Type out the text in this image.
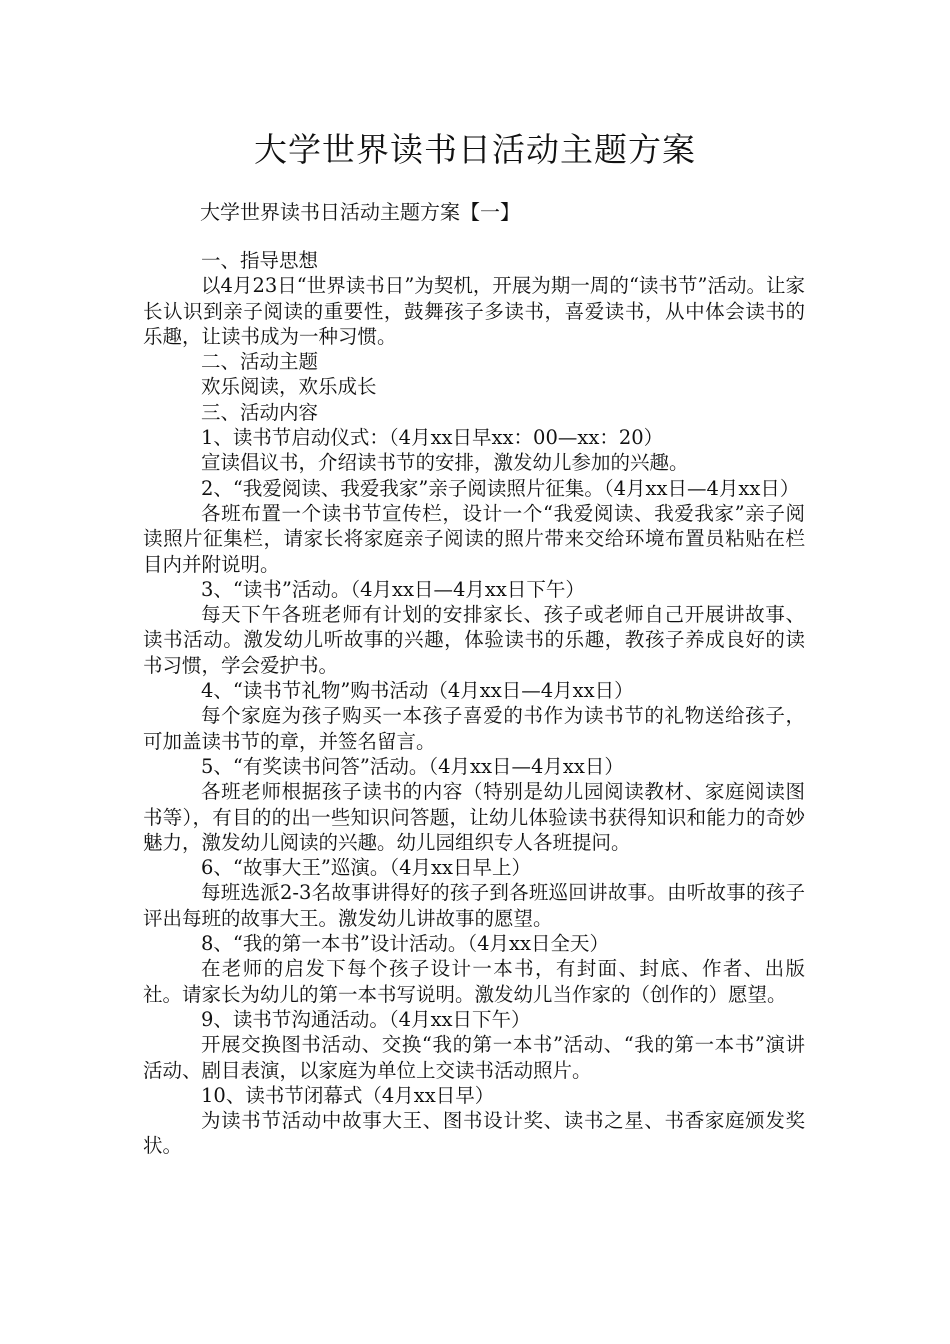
大学世界读书日活动主题方案
大学世界读书日活动主题方案【一】

一、指导思想

以4月23日“世界读书日”为契机，开展为期一周的“读书节”活动。让家长认识到亲子阅读的重要性，鼓舞孩子多读书，喜爱读书，从中体会读书的乐趣，让读书成为一种习惯。

二、活动主题

欢乐阅读，欢乐成长

三、活动内容

1、读书节启动仪式：（4月xx日早xx：00—xx：20）

宣读倡议书，介绍读书节的安排，激发幼儿参加的兴趣。

2、“我爱阅读、我爱我家”亲子阅读照片征集。（4月xx日—4月xx日）

各班布置一个读书节宣传栏，设计一个“我爱阅读、我爱我家”亲子阅读照片征集栏，请家长将家庭亲子阅读的照片带来交给环境布置员粘贴在栏目内并附说明。

3、“读书”活动。（4月xx日—4月xx日下午）

每天下午各班老师有计划的安排家长、孩子或老师自己开展讲故事、读书活动。激发幼儿听故事的兴趣，体验读书的乐趣，教孩子养成良好的读书习惯，学会爱护书。

4、“读书节礼物”购书活动（4月xx日—4月xx日）

每个家庭为孩子购买一本孩子喜爱的书作为读书节的礼物送给孩子，可加盖读书节的章，并签名留言。

5、“有奖读书问答”活动。（4月xx日—4月xx日）

各班老师根据孩子读书的内容（特别是幼儿园阅读教材、家庭阅读图书等），有目的的出一些知识问答题，让幼儿体验读书获得知识和能力的奇妙魅力，激发幼儿阅读的兴趣。幼儿园组织专人各班提问。

6、“故事大王”巡演。（4月xx日早上）

每班选派2-3名故事讲得好的孩子到各班巡回讲故事。由听故事的孩子评出每班的故事大王。激发幼儿讲故事的愿望。

8、“我的第一本书”设计活动。（4月xx日全天）

在老师的启发下每个孩子设计一本书，有封面、封底、作者、出版社。请家长为幼儿的第一本书写说明。激发幼儿当作家的（创作的）愿望。

9、读书节沟通活动。（4月xx日下午）

开展交换图书活动、交换“我的第一本书”活动、“我的第一本书”演讲活动、剧目表演，以家庭为单位上交读书活动照片。

10、读书节闭幕式（4月xx日早）

为读书节活动中故事大王、图书设计奖、读书之星、书香家庭颁发奖状。
